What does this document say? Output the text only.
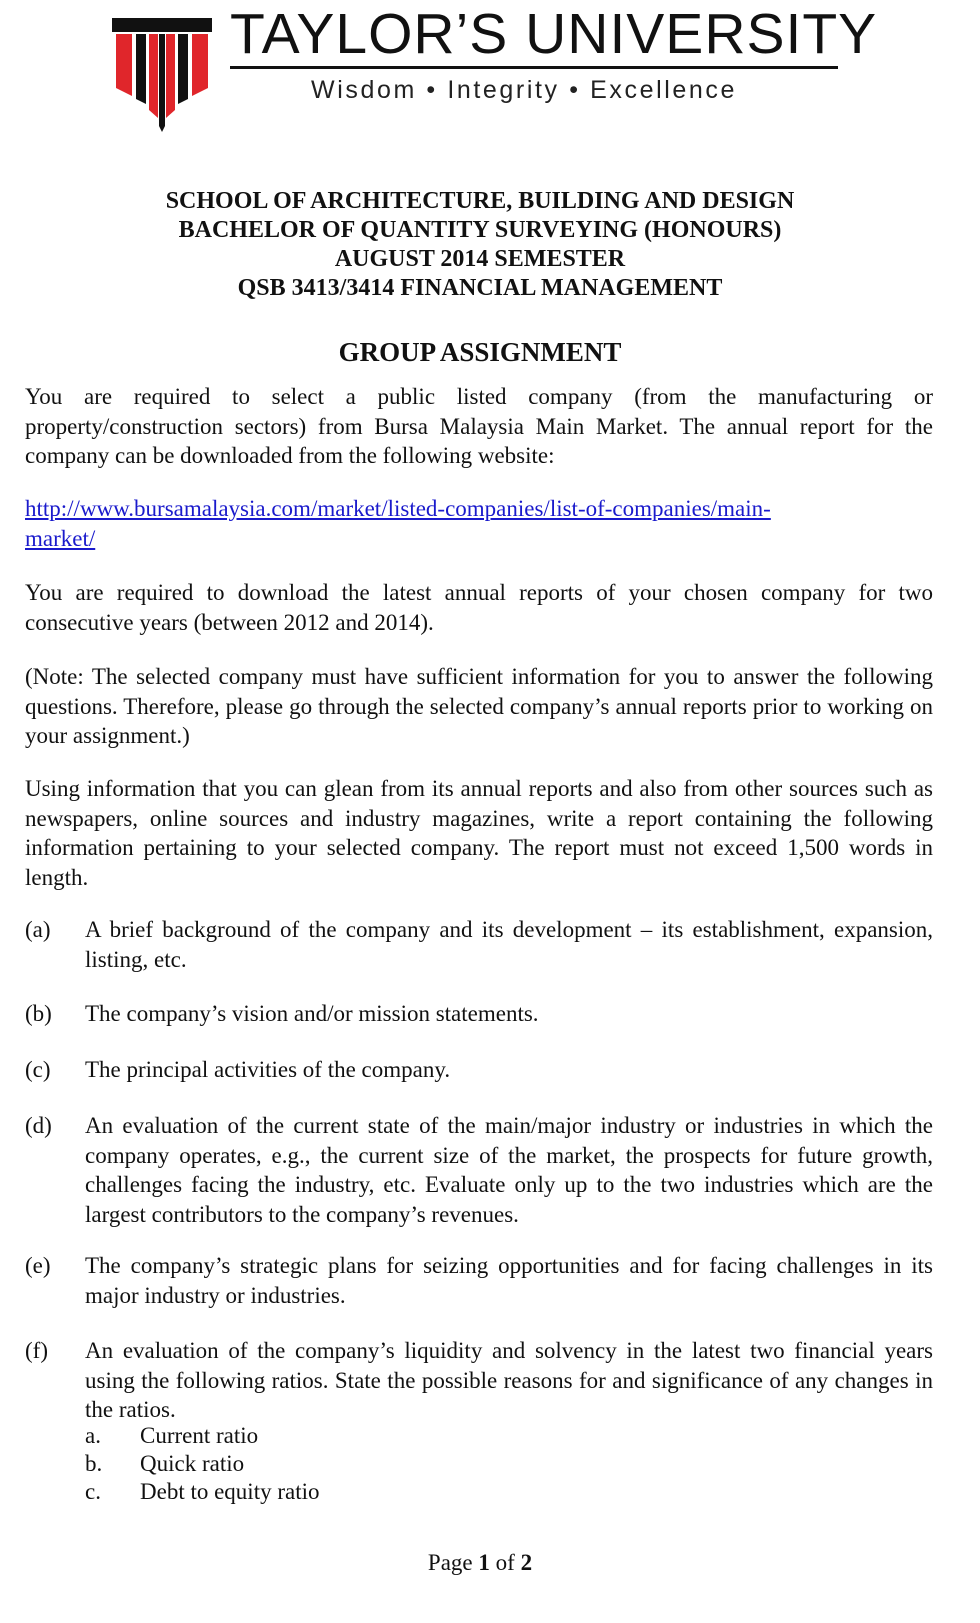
TAYLOR’S UNIVERSITY
Wisdom • Integrity • Excellence
SCHOOL OF ARCHITECTURE, BUILDING AND DESIGN
BACHELOR OF QUANTITY SURVEYING (HONOURS)
AUGUST 2014 SEMESTER
QSB 3413/3414 FINANCIAL MANAGEMENT
GROUP ASSIGNMENT
You are required to select a public listed company (from the manufacturing or property/construction sectors) from Bursa Malaysia Main Market. The annual report for the company can be downloaded from the following website:
http://www.bursamalaysia.com/market/listed-companies/list-of-companies/main-market/
You are required to download the latest annual reports of your chosen company for two consecutive years (between 2012 and 2014).
(Note: The selected company must have sufficient information for you to answer the following questions. Therefore, please go through the selected company’s annual reports prior to working on your assignment.)
Using information that you can glean from its annual reports and also from other sources such as newspapers, online sources and industry magazines, write a report containing the following information pertaining to your selected company. The report must not exceed 1,500 words in length.
(a)	A brief background of the company and its development – its establishment, expansion, listing, etc.
(b)	The company’s vision and/or mission statements.
(c)	The principal activities of the company.
(d)	An evaluation of the current state of the main/major industry or industries in which the company operates, e.g., the current size of the market, the prospects for future growth, challenges facing the industry, etc. Evaluate only up to the two industries which are the largest contributors to the company’s revenues.
(e)	The company’s strategic plans for seizing opportunities and for facing challenges in its major industry or industries.
(f)	An evaluation of the company’s liquidity and solvency in the latest two financial years using the following ratios. State the possible reasons for and significance of any changes in the ratios.
a. Current ratio
b. Quick ratio
c. Debt to equity ratio
Page 1 of 2
